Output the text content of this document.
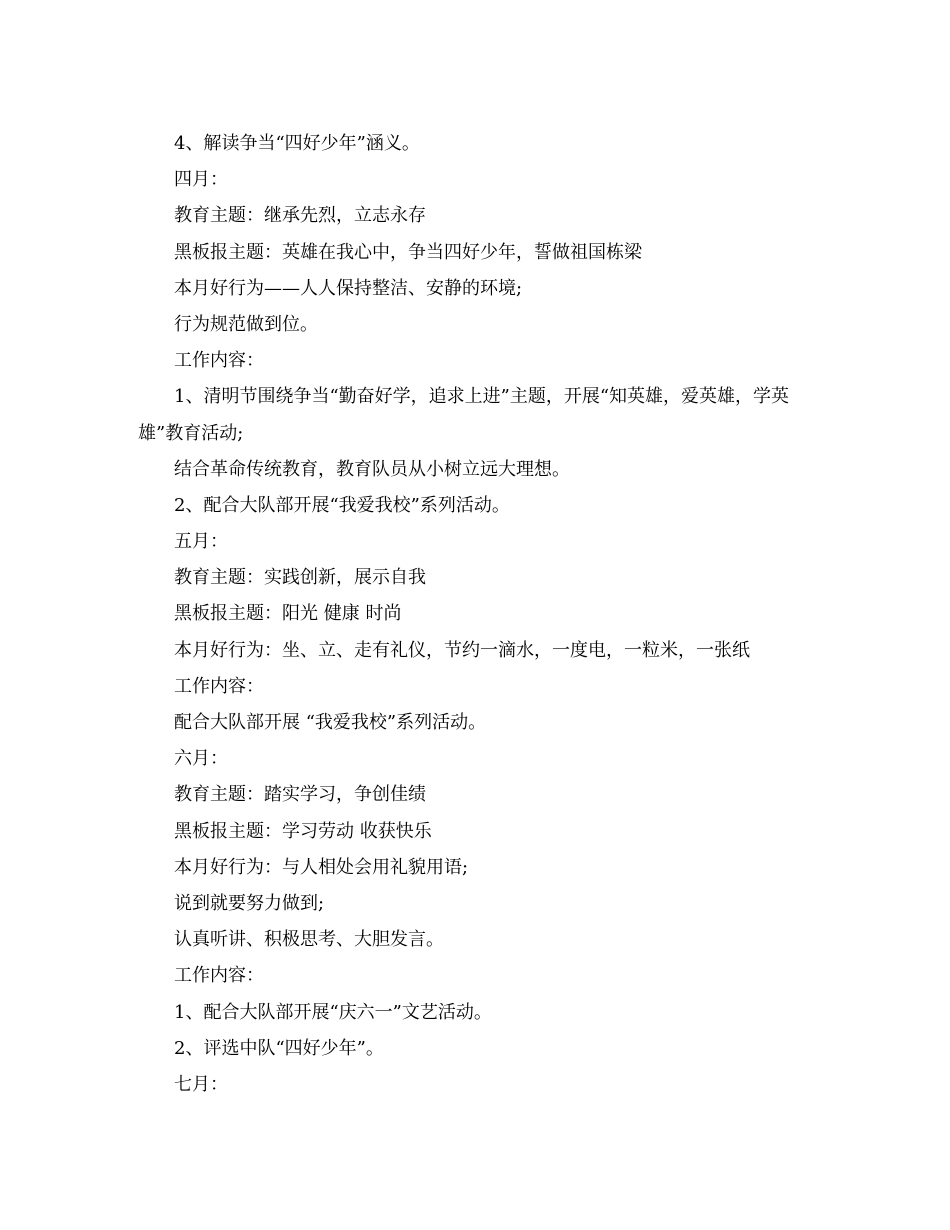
4、解读争当“四好少年”涵义。
四月：
教育主题：继承先烈，立志永存
黑板报主题：英雄在我心中，争当四好少年，誓做祖国栋梁
本月好行为——人人保持整洁、安静的环境;
行为规范做到位。
工作内容：
1、清明节围绕争当“勤奋好学，追求上进”主题，开展“知英雄，爱英雄，学英
雄”教育活动;
结合革命传统教育，教育队员从小树立远大理想。
2、配合大队部开展“我爱我校”系列活动。
五月：
教育主题：实践创新，展示自我
黑板报主题：阳光 健康 时尚
本月好行为：坐、立、走有礼仪，节约一滴水，一度电，一粒米，一张纸
工作内容：
配合大队部开展 “我爱我校”系列活动。
六月：
教育主题：踏实学习，争创佳绩
黑板报主题：学习劳动 收获快乐
本月好行为：与人相处会用礼貌用语;
说到就要努力做到;
认真听讲、积极思考、大胆发言。
工作内容：
1、配合大队部开展“庆六一”文艺活动。
2、评选中队“四好少年”。
七月：
